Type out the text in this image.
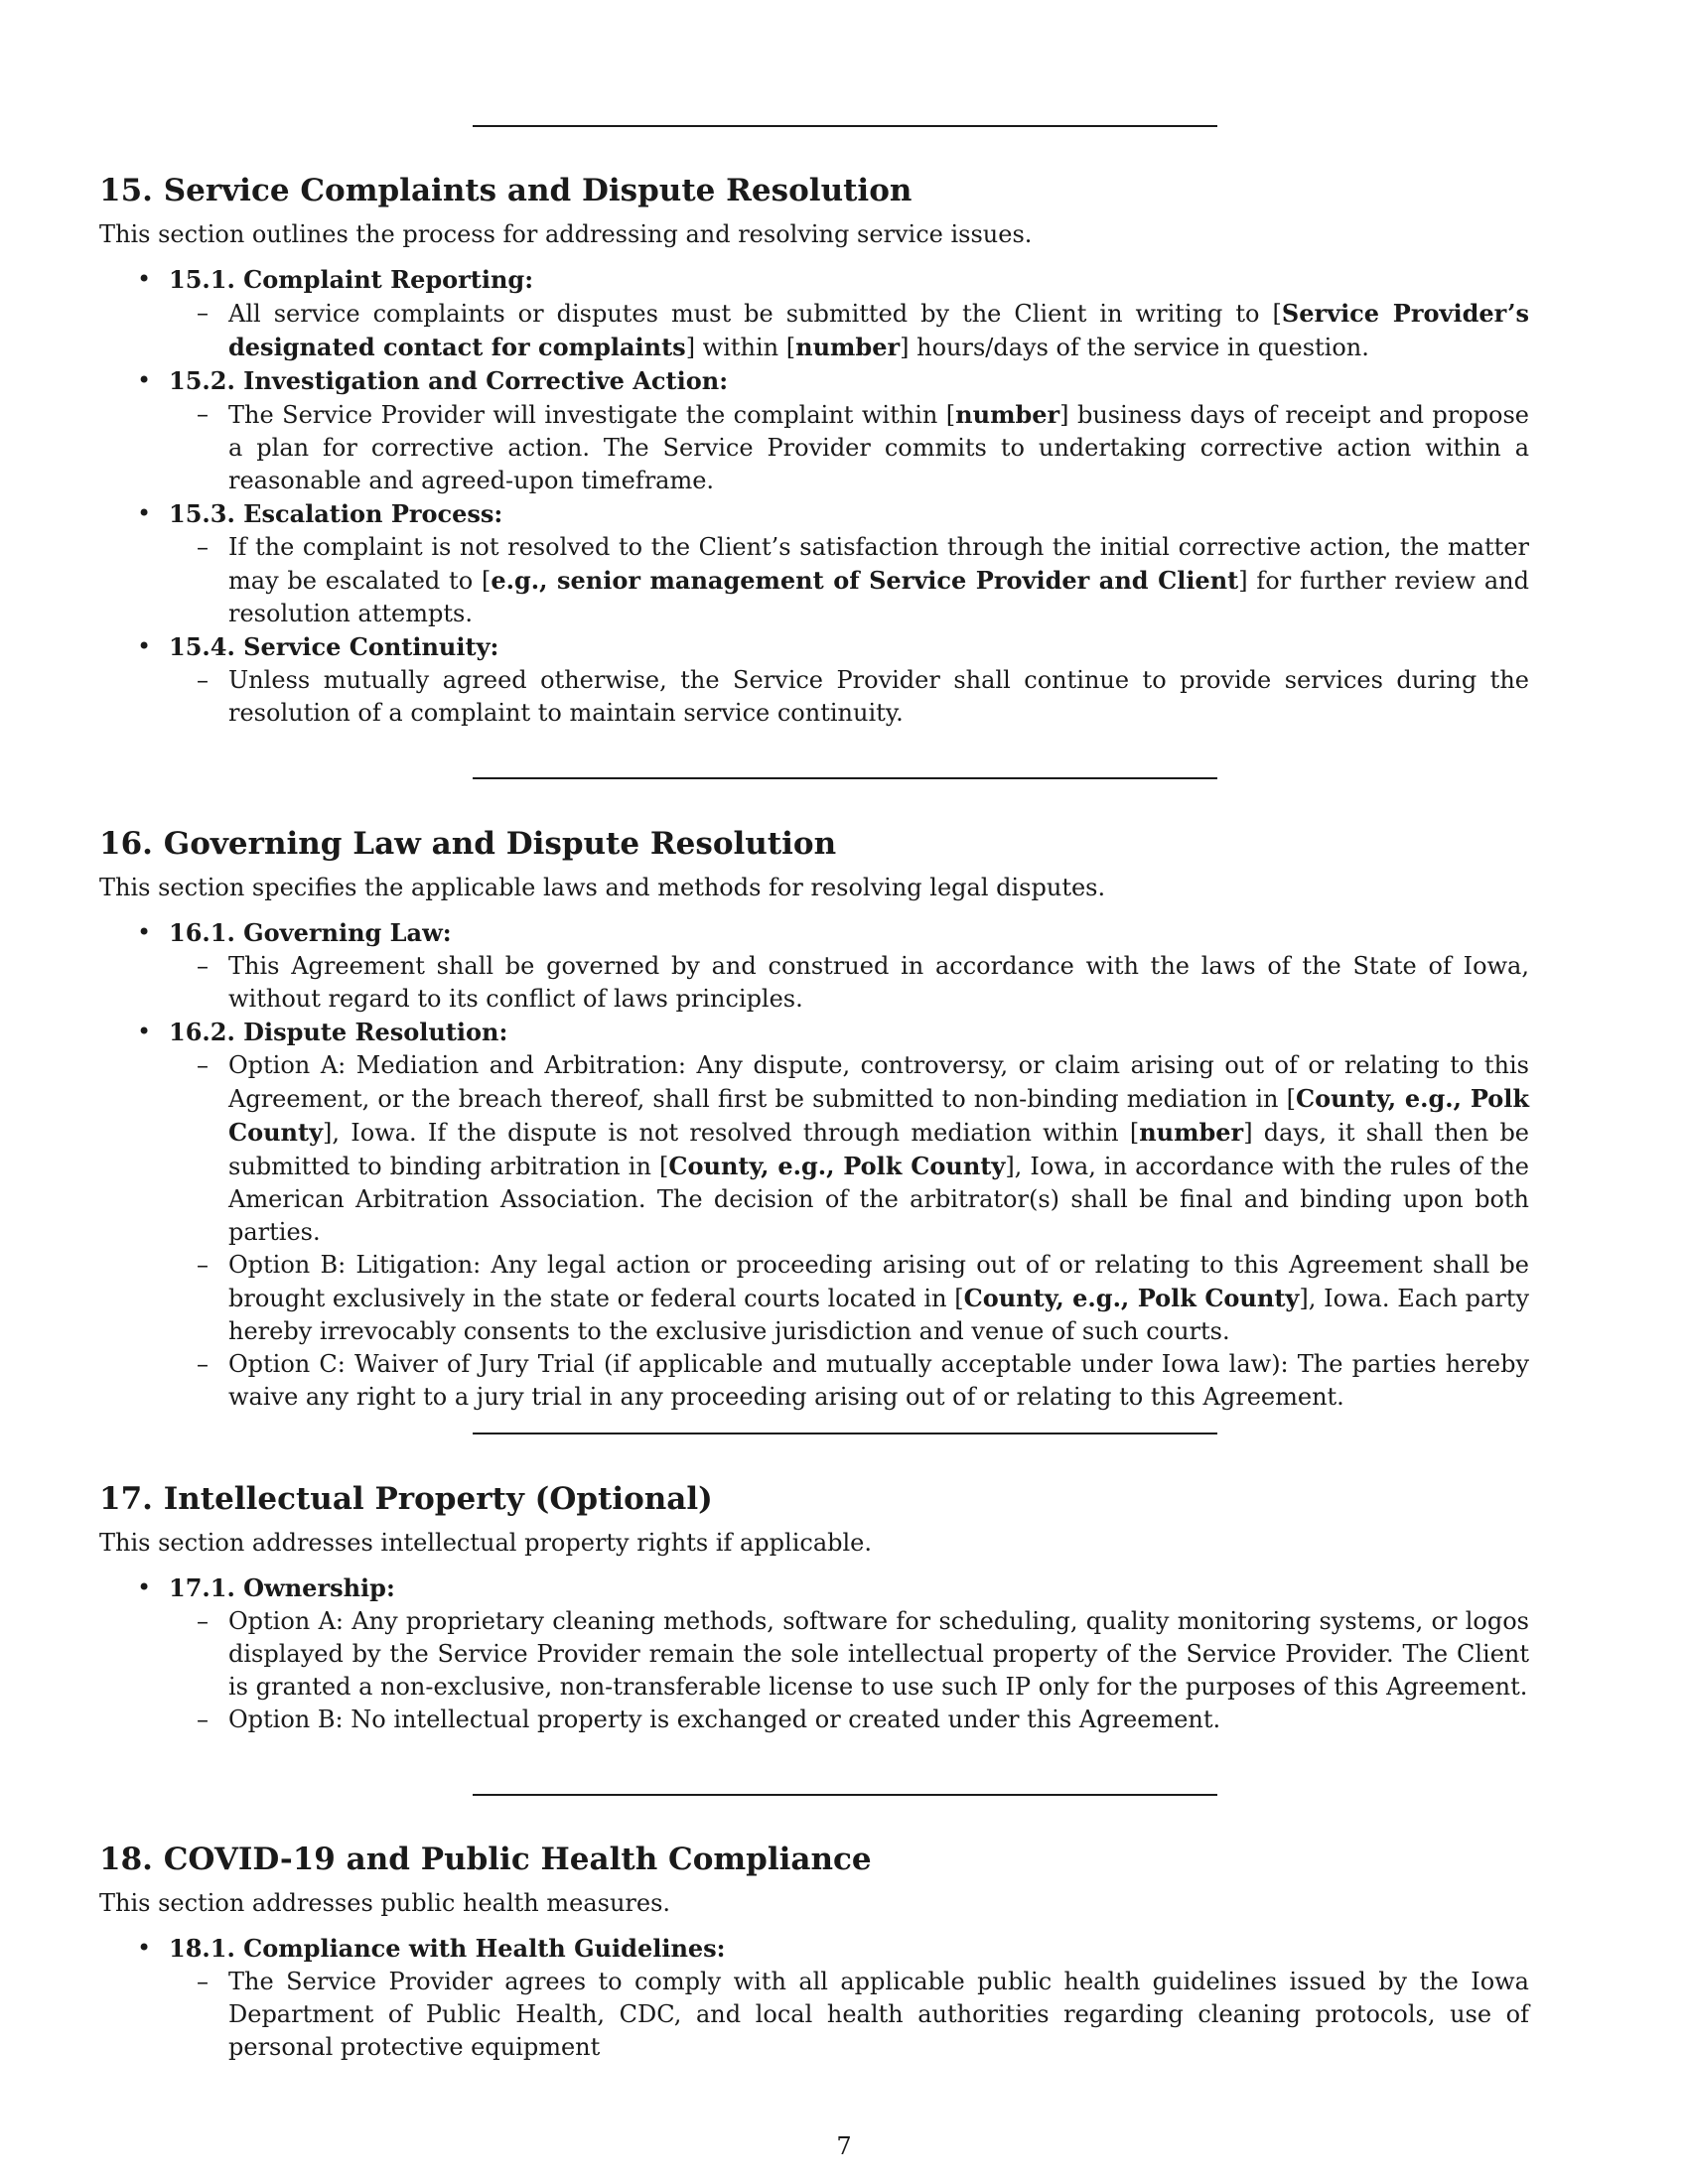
15. Service Complaints and Dispute Resolution

This section outlines the process for addressing and resolving service issues.

• 15.1. Complaint Reporting:
– All service complaints or disputes must be submitted by the Client in writing to [Service Provider’s designated contact for complaints] within [number] hours/days of the service in question.
• 15.2. Investigation and Corrective Action:
– The Service Provider will investigate the complaint within [number] business days of receipt and propose a plan for corrective action. The Service Provider commits to undertaking corrective action within a reasonable and agreed-upon timeframe.
• 15.3. Escalation Process:
– If the complaint is not resolved to the Client’s satisfaction through the initial corrective action, the matter may be escalated to [e.g., senior management of Service Provider and Client] for further review and resolution attempts.
• 15.4. Service Continuity:
– Unless mutually agreed otherwise, the Service Provider shall continue to provide services during the resolution of a complaint to maintain service continuity.
16. Governing Law and Dispute Resolution

This section specifies the applicable laws and methods for resolving legal disputes.

• 16.1. Governing Law:
– This Agreement shall be governed by and construed in accordance with the laws of the State of Iowa, without regard to its conflict of laws principles.
• 16.2. Dispute Resolution:
– Option A: Mediation and Arbitration: Any dispute, controversy, or claim arising out of or relating to this Agreement, or the breach thereof, shall first be submitted to non-binding mediation in [County, e.g., Polk County], Iowa. If the dispute is not resolved through mediation within [number] days, it shall then be submitted to binding arbitration in [County, e.g., Polk County], Iowa, in accordance with the rules of the American Arbitration Association. The decision of the arbitrator(s) shall be final and binding upon both parties.
– Option B: Litigation: Any legal action or proceeding arising out of or relating to this Agreement shall be brought exclusively in the state or federal courts located in [County, e.g., Polk County], Iowa. Each party hereby irrevocably consents to the exclusive jurisdiction and venue of such courts.
– Option C: Waiver of Jury Trial (if applicable and mutually acceptable under Iowa law): The parties hereby waive any right to a jury trial in any proceeding arising out of or relating to this Agreement.
17. Intellectual Property (Optional)

This section addresses intellectual property rights if applicable.

• 17.1. Ownership:
– Option A: Any proprietary cleaning methods, software for scheduling, quality monitoring systems, or logos displayed by the Service Provider remain the sole intellectual property of the Service Provider. The Client is granted a non-exclusive, non-transferable license to use such IP only for the purposes of this Agreement.
– Option B: No intellectual property is exchanged or created under this Agreement.
18. COVID-19 and Public Health Compliance

This section addresses public health measures.

• 18.1. Compliance with Health Guidelines:
– The Service Provider agrees to comply with all applicable public health guidelines issued by the Iowa Department of Public Health, CDC, and local health authorities regarding cleaning protocols, use of personal protective equipment
7
